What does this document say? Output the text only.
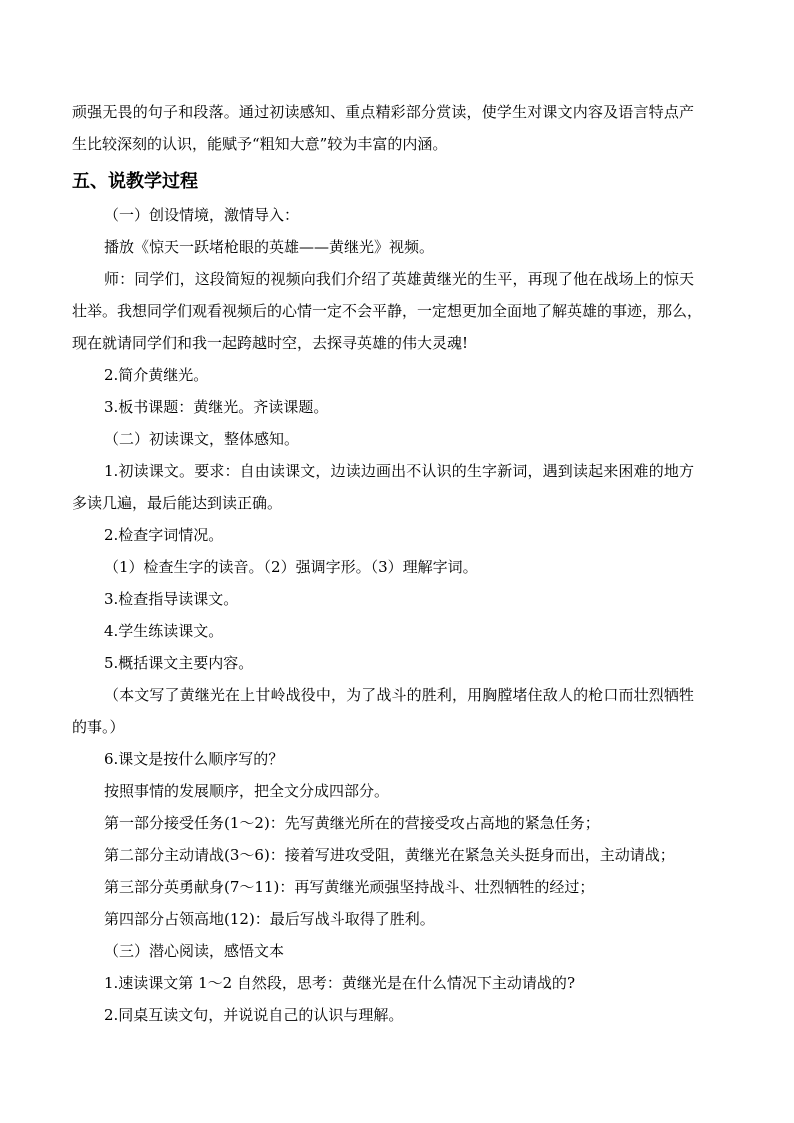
顽强无畏的句子和段落。通过初读感知、重点精彩部分赏读，使学生对课文内容及语言特点产
生比较深刻的认识，能赋予“粗知大意”较为丰富的内涵。
五、说教学过程
（一）创设情境，激情导入：
播放《惊天一跃堵枪眼的英雄——黄继光》视频。
师：同学们，这段简短的视频向我们介绍了英雄黄继光的生平，再现了他在战场上的惊天
壮举。我想同学们观看视频后的心情一定不会平静，一定想更加全面地了解英雄的事迹，那么，
现在就请同学们和我一起跨越时空，去探寻英雄的伟大灵魂!
2.简介黄继光。
3.板书课题：黄继光。齐读课题。
（二）初读课文，整体感知。
1.初读课文。要求：自由读课文，边读边画出不认识的生字新词，遇到读起来困难的地方
多读几遍，最后能达到读正确。
2.检查字词情况。
（1）检查生字的读音。（2）强调字形。（3）理解字词。
3.检查指导读课文。
4.学生练读课文。
5.概括课文主要内容。
（本文写了黄继光在上甘岭战役中，为了战斗的胜利，用胸膛堵住敌人的枪口而壮烈牺牲
的事。）
6.课文是按什么顺序写的？
按照事情的发展顺序，把全文分成四部分。
第一部分接受任务(1～2)：先写黄继光所在的营接受攻占高地的紧急任务；
第二部分主动请战(3～6)：接着写进攻受阻，黄继光在紧急关头挺身而出，主动请战；
第三部分英勇献身(7～11)：再写黄继光顽强坚持战斗、壮烈牺牲的经过；
第四部分占领高地(12)：最后写战斗取得了胜利。
（三）潜心阅读，感悟文本
1.速读课文第 1～2 自然段，思考：黄继光是在什么情况下主动请战的?
2.同桌互读文句，并说说自己的认识与理解。
